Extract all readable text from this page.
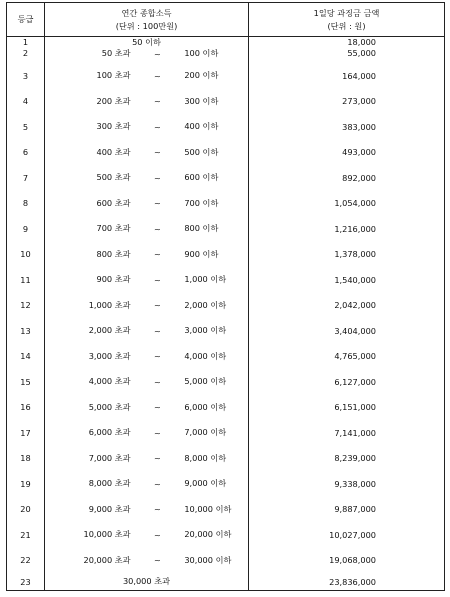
등급	연간 종합소득
(단위 : 100만원)	1일당 과징금 금액
(단위 : 원)

1	50 이하	18,000
2	50 초과 ~ 100 이하	55,000
3	100 초과 ~ 200 이하	164,000
4	200 초과 ~ 300 이하	273,000
5	300 초과 ~ 400 이하	383,000
6	400 초과 ~ 500 이하	493,000
7	500 초과 ~ 600 이하	892,000
8	600 초과 ~ 700 이하	1,054,000
9	700 초과 ~ 800 이하	1,216,000
10	800 초과 ~ 900 이하	1,378,000
11	900 초과 ~ 1,000 이하	1,540,000
12	1,000 초과 ~ 2,000 이하	2,042,000
13	2,000 초과 ~ 3,000 이하	3,404,000
14	3,000 초과 ~ 4,000 이하	4,765,000
15	4,000 초과 ~ 5,000 이하	6,127,000
16	5,000 초과 ~ 6,000 이하	6,151,000
17	6,000 초과 ~ 7,000 이하	7,141,000
18	7,000 초과 ~ 8,000 이하	8,239,000
19	8,000 초과 ~ 9,000 이하	9,338,000
20	9,000 초과 ~ 10,000 이하	9,887,000
21	10,000 초과 ~ 20,000 이하	10,027,000
22	20,000 초과 ~ 30,000 이하	19,068,000
23	30,000 초과	23,836,000
